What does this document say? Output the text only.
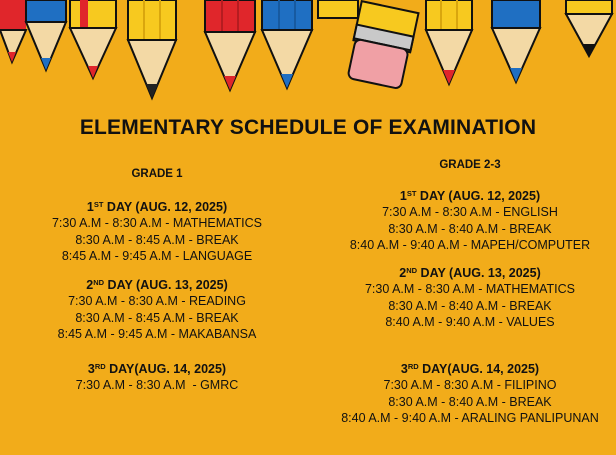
ELEMENTARY SCHEDULE OF EXAMINATION
GRADE 1
1ST DAY (AUG. 12, 2025)
7:30 A.M - 8:30 A.M - MATHEMATICS
8:30 A.M - 8:45 A.M - BREAK
8:45 A.M - 9:45 A.M - LANGUAGE
2ND DAY (AUG. 13, 2025)
7:30 A.M - 8:30 A.M - READING
8:30 A.M - 8:45 A.M - BREAK
8:45 A.M - 9:45 A.M - MAKABANSA
3RD DAY(AUG. 14, 2025)
7:30 A.M - 8:30 A.M  - GMRC
GRADE 2-3
1ST DAY (AUG. 12, 2025)
7:30 A.M - 8:30 A.M - ENGLISH
8:30 A.M - 8:40 A.M - BREAK
8:40 A.M - 9:40 A.M - MAPEH/COMPUTER
2ND DAY (AUG. 13, 2025)
7:30 A.M - 8:30 A.M - MATHEMATICS
8:30 A.M - 8:40 A.M - BREAK
8:40 A.M - 9:40 A.M - VALUES
3RD DAY(AUG. 14, 2025)
7:30 A.M - 8:30 A.M - FILIPINO
8:30 A.M - 8:40 A.M - BREAK
8:40 A.M - 9:40 A.M - ARALING PANLIPUNAN
